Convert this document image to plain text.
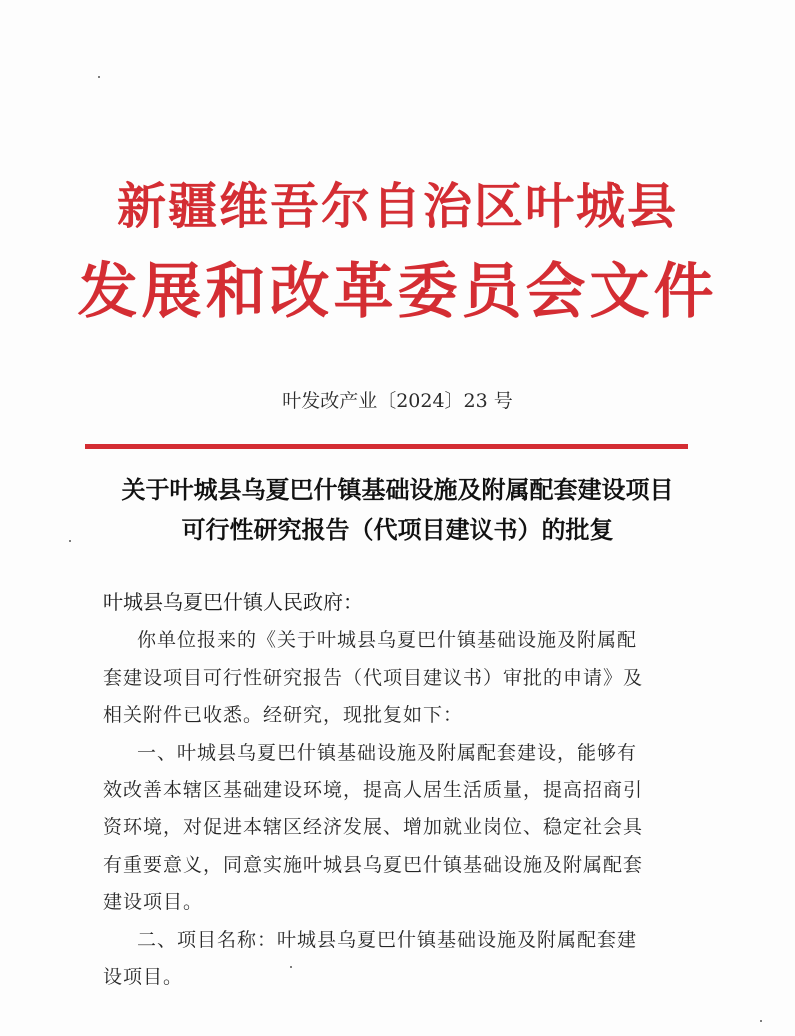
新疆维吾尔自治区叶城县
发展和改革委员会文件
叶发改产业〔2024〕23 号
关于叶城县乌夏巴什镇基础设施及附属配套建设项目
可行性研究报告（代项目建议书）的批复
叶城县乌夏巴什镇人民政府：
你单位报来的《关于叶城县乌夏巴什镇基础设施及附属配
套建设项目可行性研究报告（代项目建议书）审批的申请》及
相关附件已收悉。经研究，现批复如下：
一、叶城县乌夏巴什镇基础设施及附属配套建设，能够有
效改善本辖区基础建设环境，提高人居生活质量，提高招商引
资环境，对促进本辖区经济发展、增加就业岗位、稳定社会具
有重要意义，同意实施叶城县乌夏巴什镇基础设施及附属配套
建设项目。
二、项目名称：叶城县乌夏巴什镇基础设施及附属配套建
设项目。
